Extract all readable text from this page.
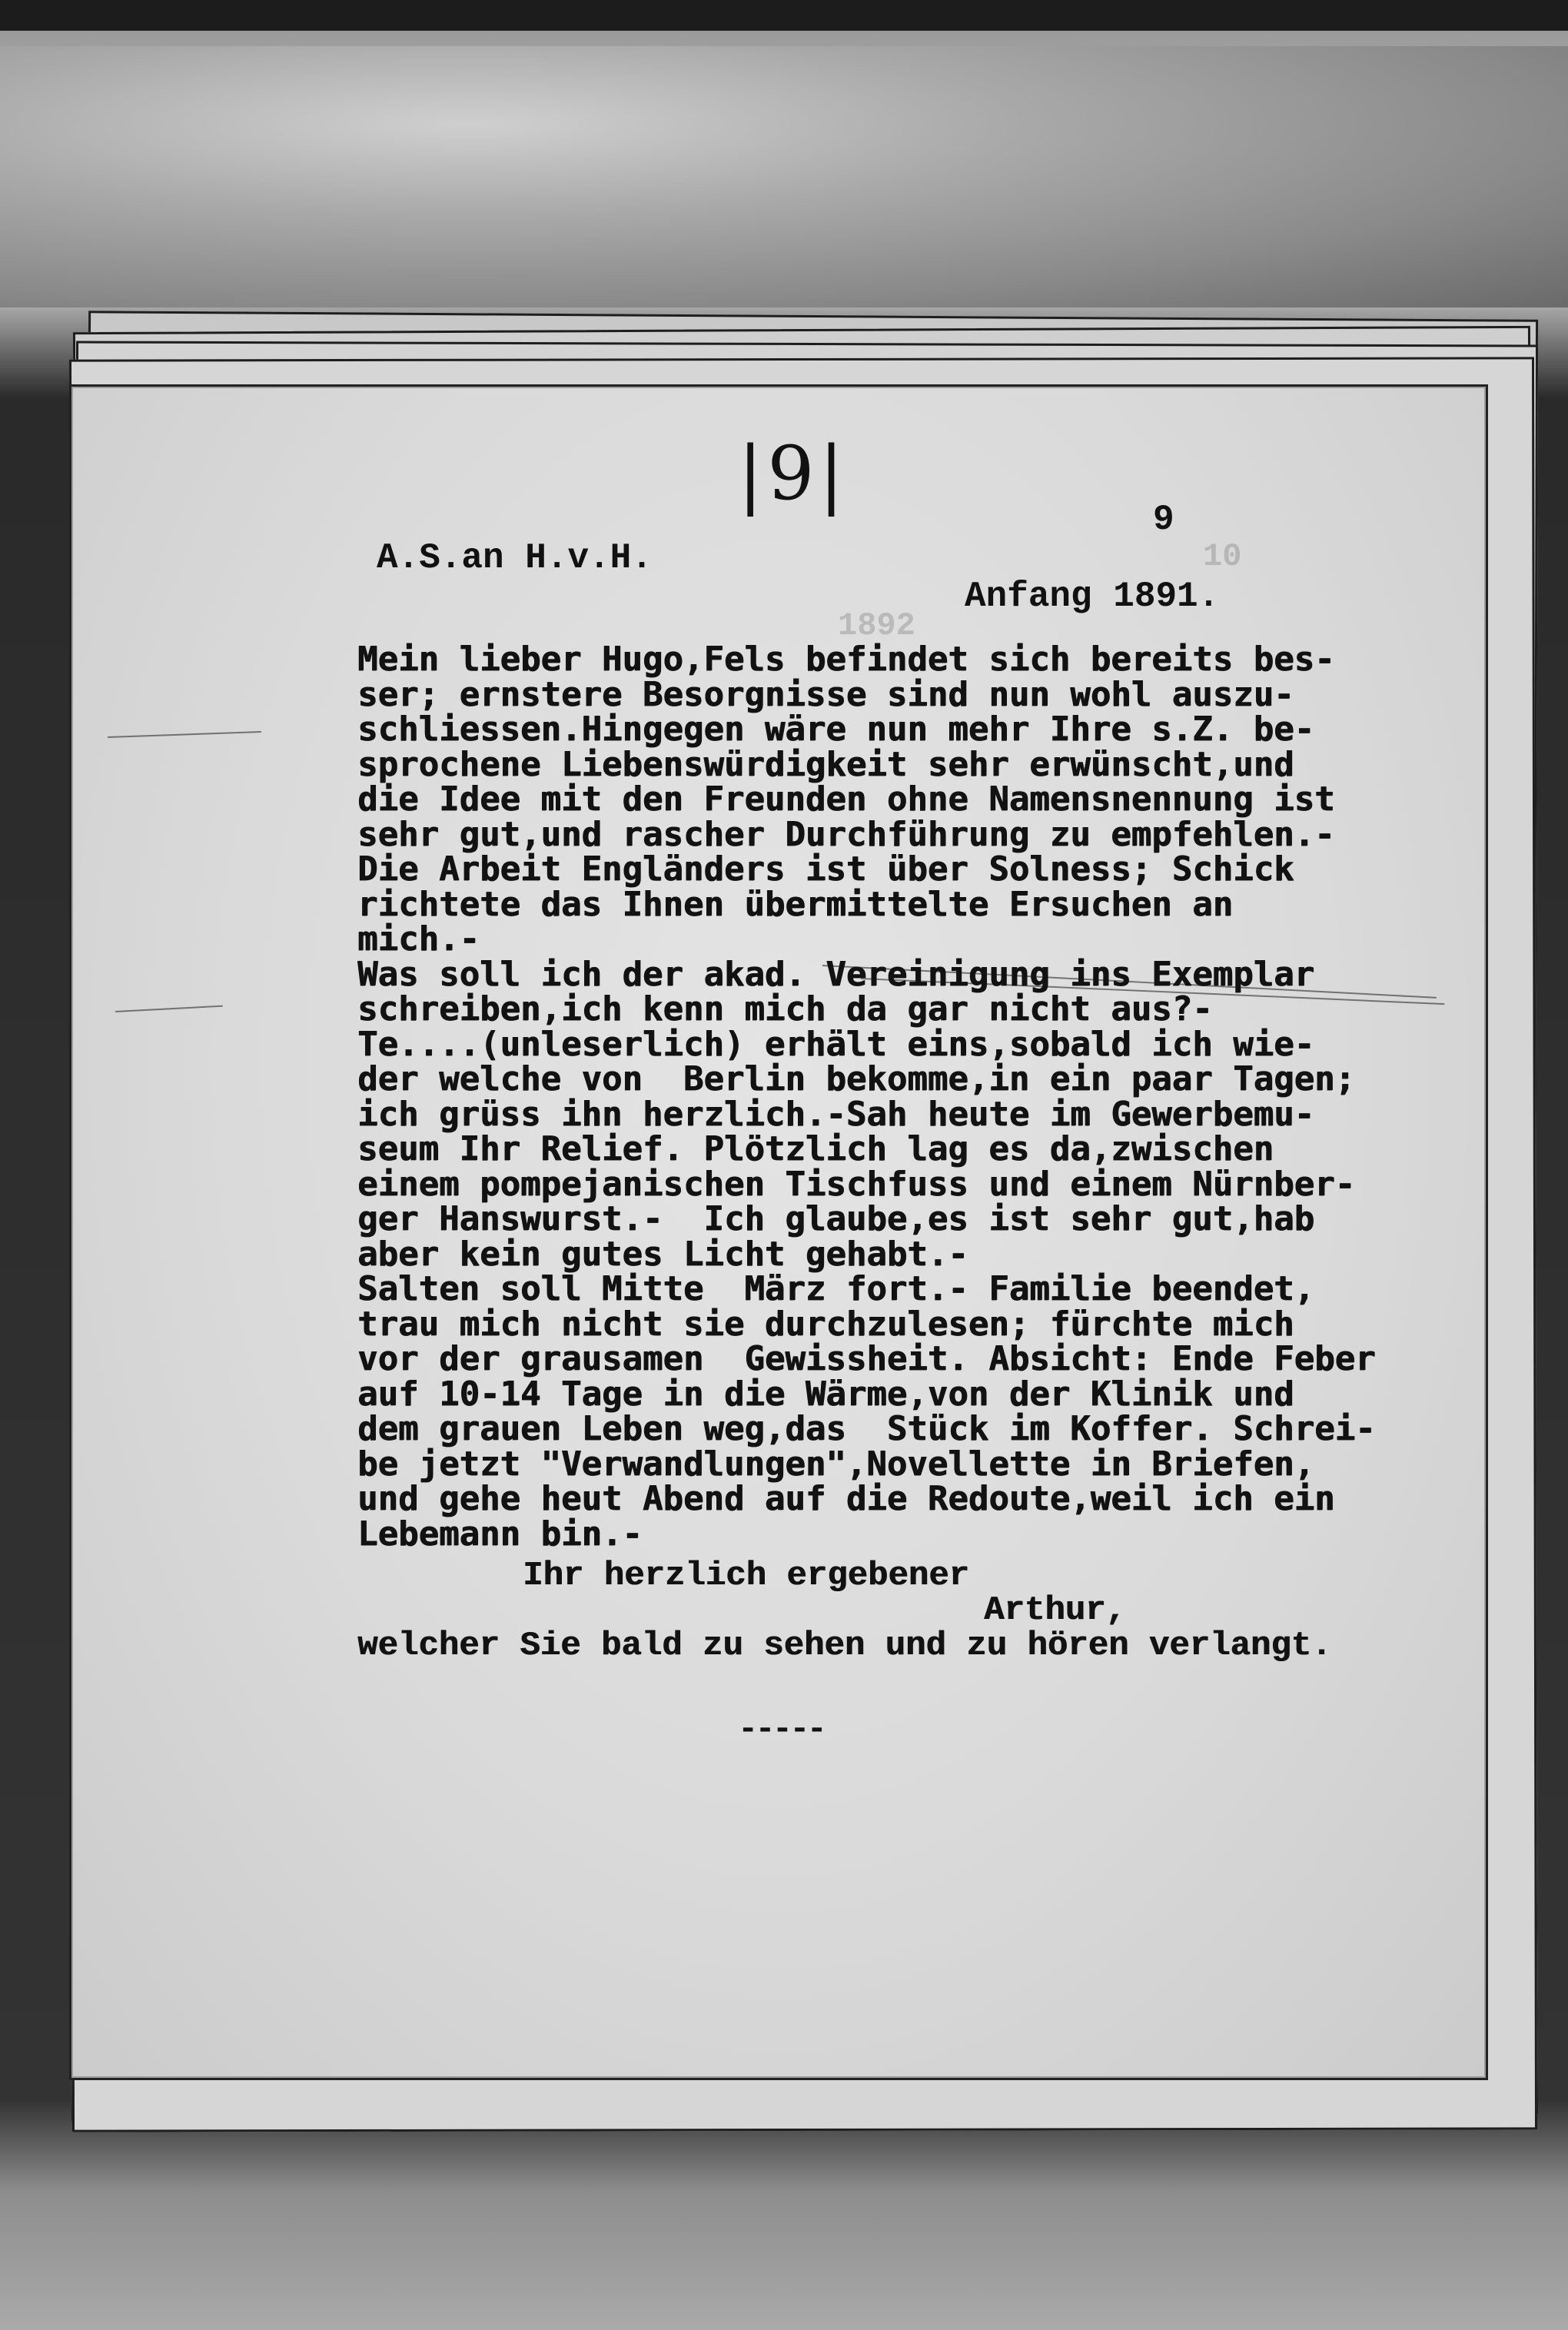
|9|
9
10
1892
A.S.an H.v.H.
Anfang 1891.
Mein lieber Hugo,Fels befindet sich bereits bes-
ser; ernstere Besorgnisse sind nun wohl auszu-
schliessen.Hingegen wäre nun mehr Ihre s.Z. be-
sprochene Liebenswürdigkeit sehr erwünscht,und
die Idee mit den Freunden ohne Namensnennung ist
sehr gut,und rascher Durchführung zu empfehlen.-
Die Arbeit Engländers ist über Solness; Schick
richtete das Ihnen übermittelte Ersuchen an
mich.-
Was soll ich der akad. Vereinigung ins Exemplar
schreiben,ich kenn mich da gar nicht aus?-
Te....(unleserlich) erhält eins,sobald ich wie-
der welche von  Berlin bekomme,in ein paar Tagen;
ich grüss ihn herzlich.-Sah heute im Gewerbemu-
seum Ihr Relief. Plötzlich lag es da,zwischen
einem pompejanischen Tischfuss und einem Nürnber-
ger Hanswurst.-  Ich glaube,es ist sehr gut,hab
aber kein gutes Licht gehabt.-
Salten soll Mitte  März fort.- Familie beendet,
trau mich nicht sie durchzulesen; fürchte mich
vor der grausamen  Gewissheit. Absicht: Ende Feber
auf 10-14 Tage in die Wärme,von der Klinik und
dem grauen Leben weg,das  Stück im Koffer. Schrei-
be jetzt "Verwandlungen",Novellette in Briefen,
und gehe heut Abend auf die Redoute,weil ich ein
Lebemann bin.-
Ihr herzlich ergebener
Arthur,
welcher Sie bald zu sehen und zu hören verlangt.
-----
